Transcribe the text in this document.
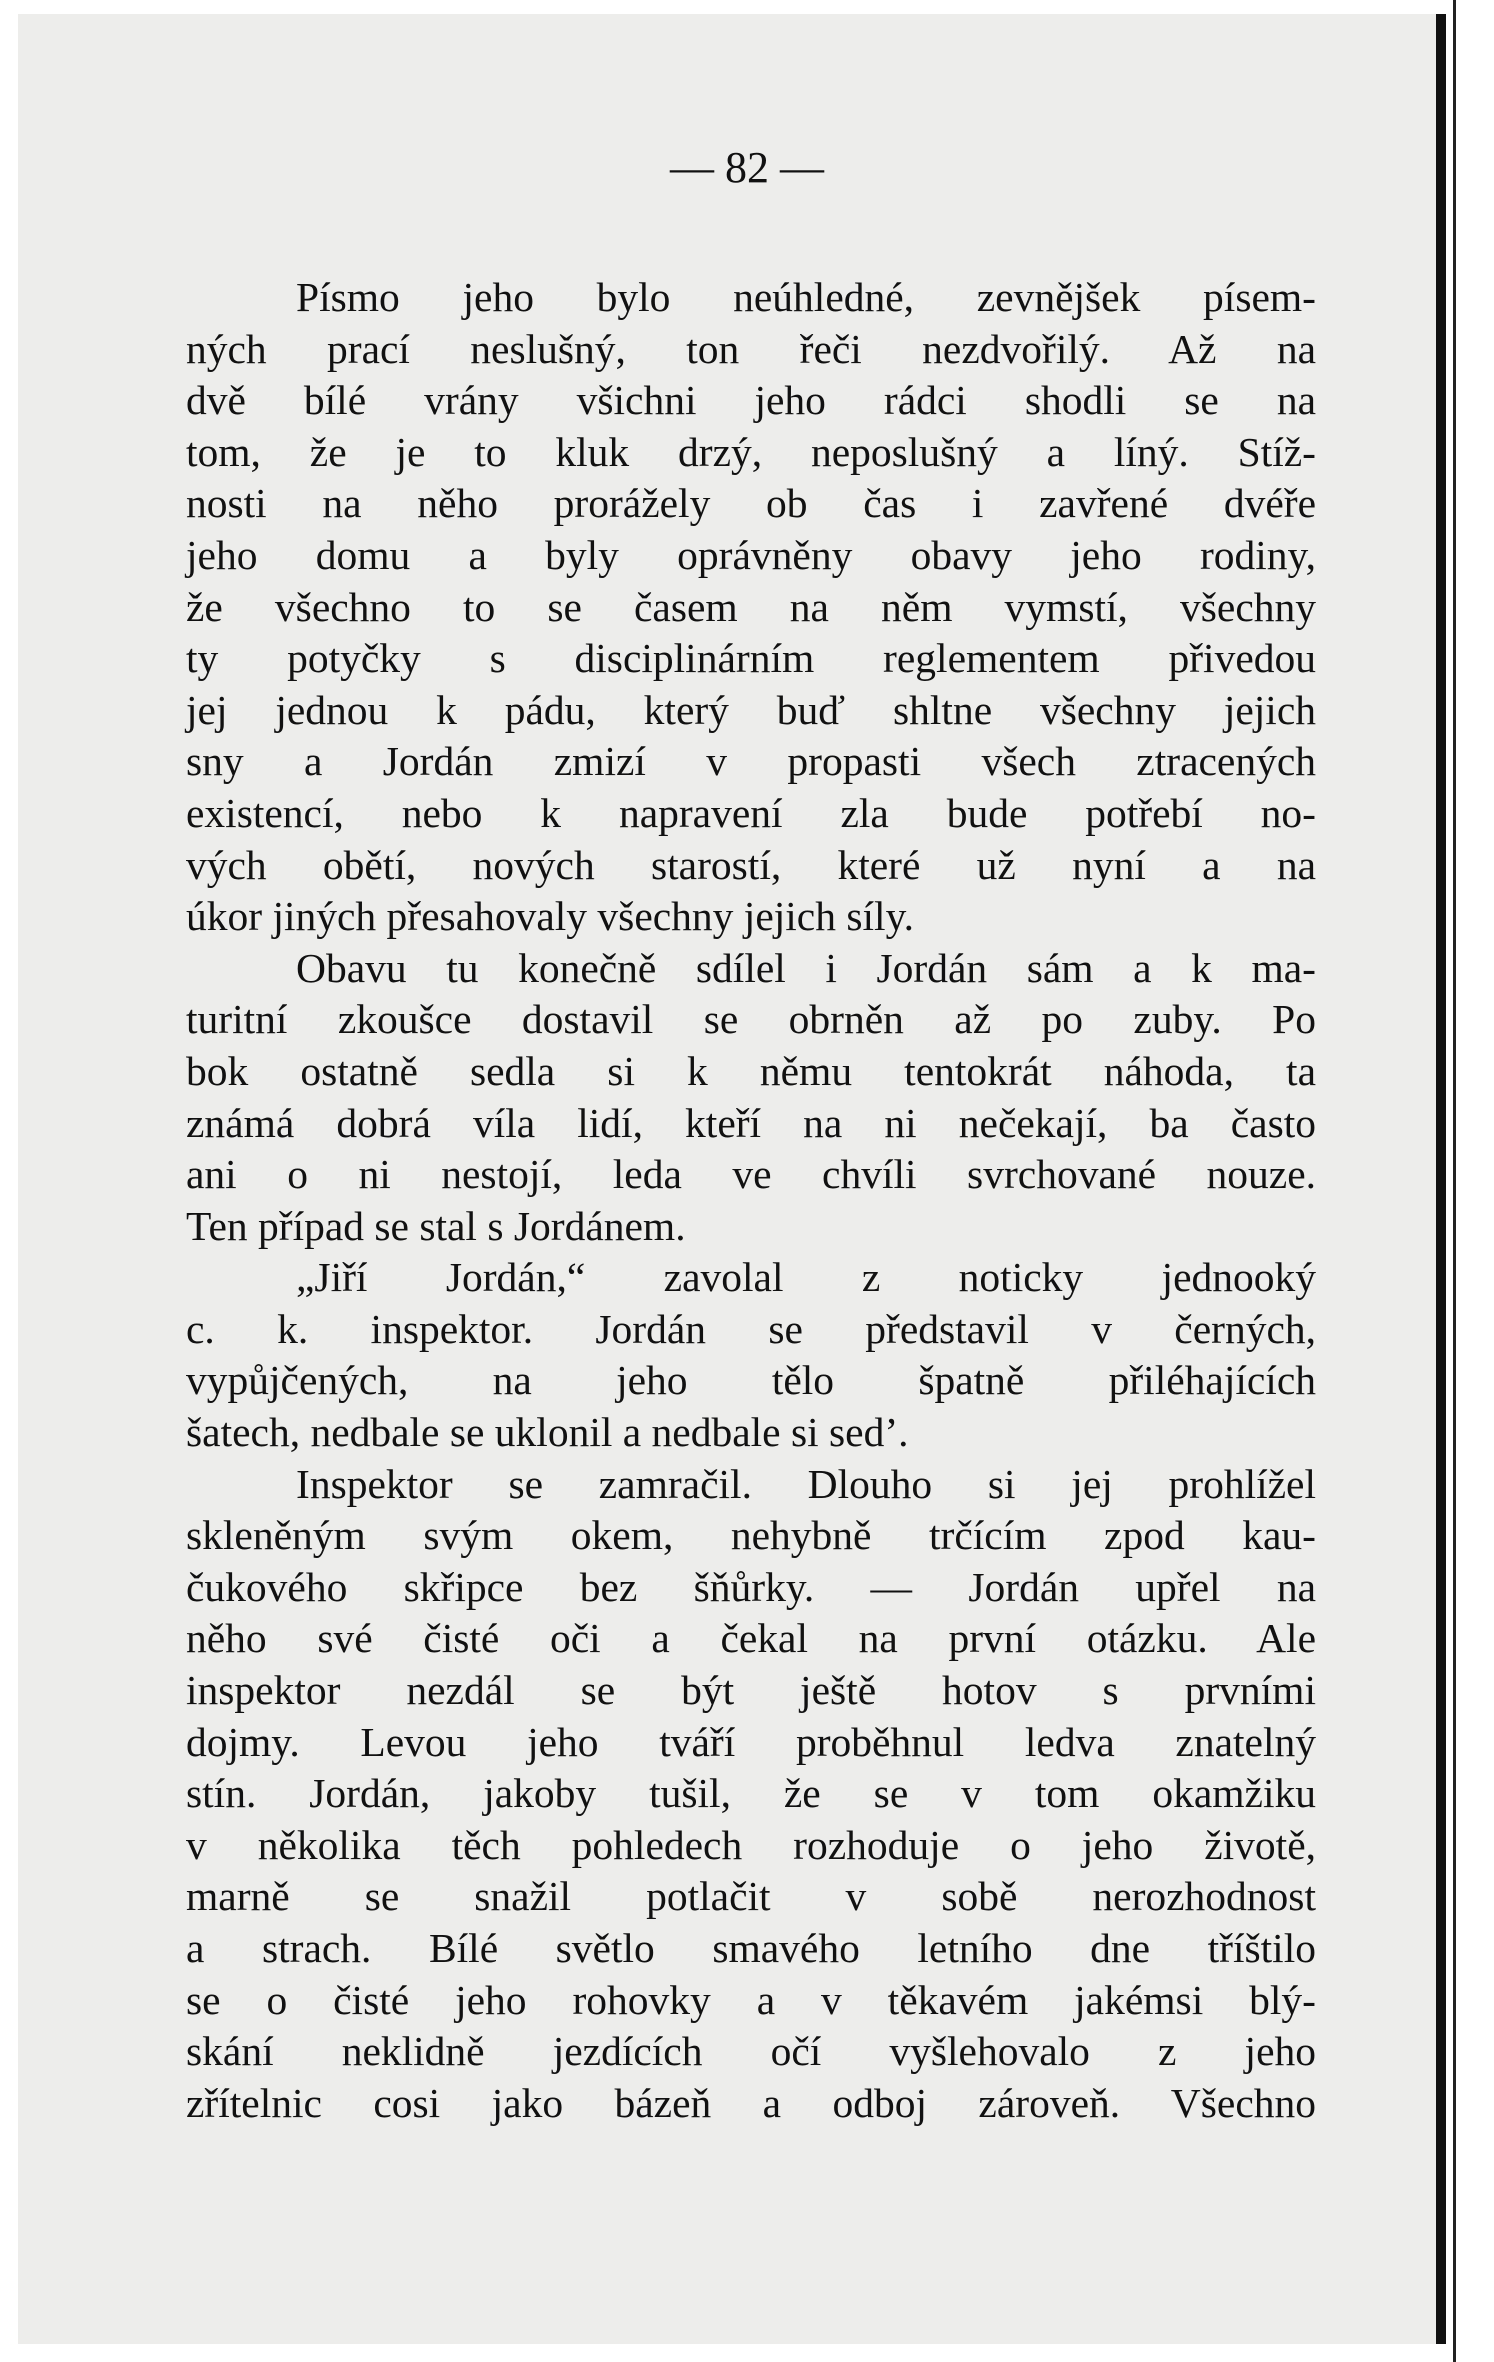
— 82 —
Písmo jeho bylo neúhledné, zevnějšek písem-
ných prací neslušný, ton řeči nezdvořilý. Až na
dvě bílé vrány všichni jeho rádci shodli se na
tom, že je to kluk drzý, neposlušný a líný. Stíž-
nosti na něho prorážely ob čas i zavřené dvéře
jeho domu a byly oprávněny obavy jeho rodiny,
že všechno to se časem na něm vymstí, všechny
ty potyčky s disciplinárním reglementem přivedou
jej jednou k pádu, který buď shltne všechny jejich
sny a Jordán zmizí v propasti všech ztracených
existencí, nebo k napravení zla bude potřebí no-
vých obětí, nových starostí, které už nyní a na
úkor jiných přesahovaly všechny jejich síly.
Obavu tu konečně sdílel i Jordán sám a k ma-
turitní zkoušce dostavil se obrněn až po zuby. Po
bok ostatně sedla si k němu tentokrát náhoda, ta
známá dobrá víla lidí, kteří na ni nečekají, ba často
ani o ni nestojí, leda ve chvíli svrchované nouze.
Ten případ se stal s Jordánem.
„Jiří Jordán,“ zavolal z noticky jednooký
c. k. inspektor. Jordán se představil v černých,
vypůjčených, na jeho tělo špatně přiléhajících
šatech, nedbale se uklonil a nedbale si sed’.
Inspektor se zamračil. Dlouho si jej prohlížel
skleněným svým okem, nehybně trčícím zpod kau-
čukového skřipce bez šňůrky. — Jordán upřel na
něho své čisté oči a čekal na první otázku. Ale
inspektor nezdál se být ještě hotov s prvními
dojmy. Levou jeho tváří proběhnul ledva znatelný
stín. Jordán, jakoby tušil, že se v tom okamžiku
v několika těch pohledech rozhoduje o jeho životě,
marně se snažil potlačit v sobě nerozhodnost
a strach. Bílé světlo smavého letního dne tříštilo
se o čisté jeho rohovky a v těkavém jakémsi blý-
skání neklidně jezdících očí vyšlehovalo z jeho
zřítelnic cosi jako bázeň a odboj zároveň. Všechno
